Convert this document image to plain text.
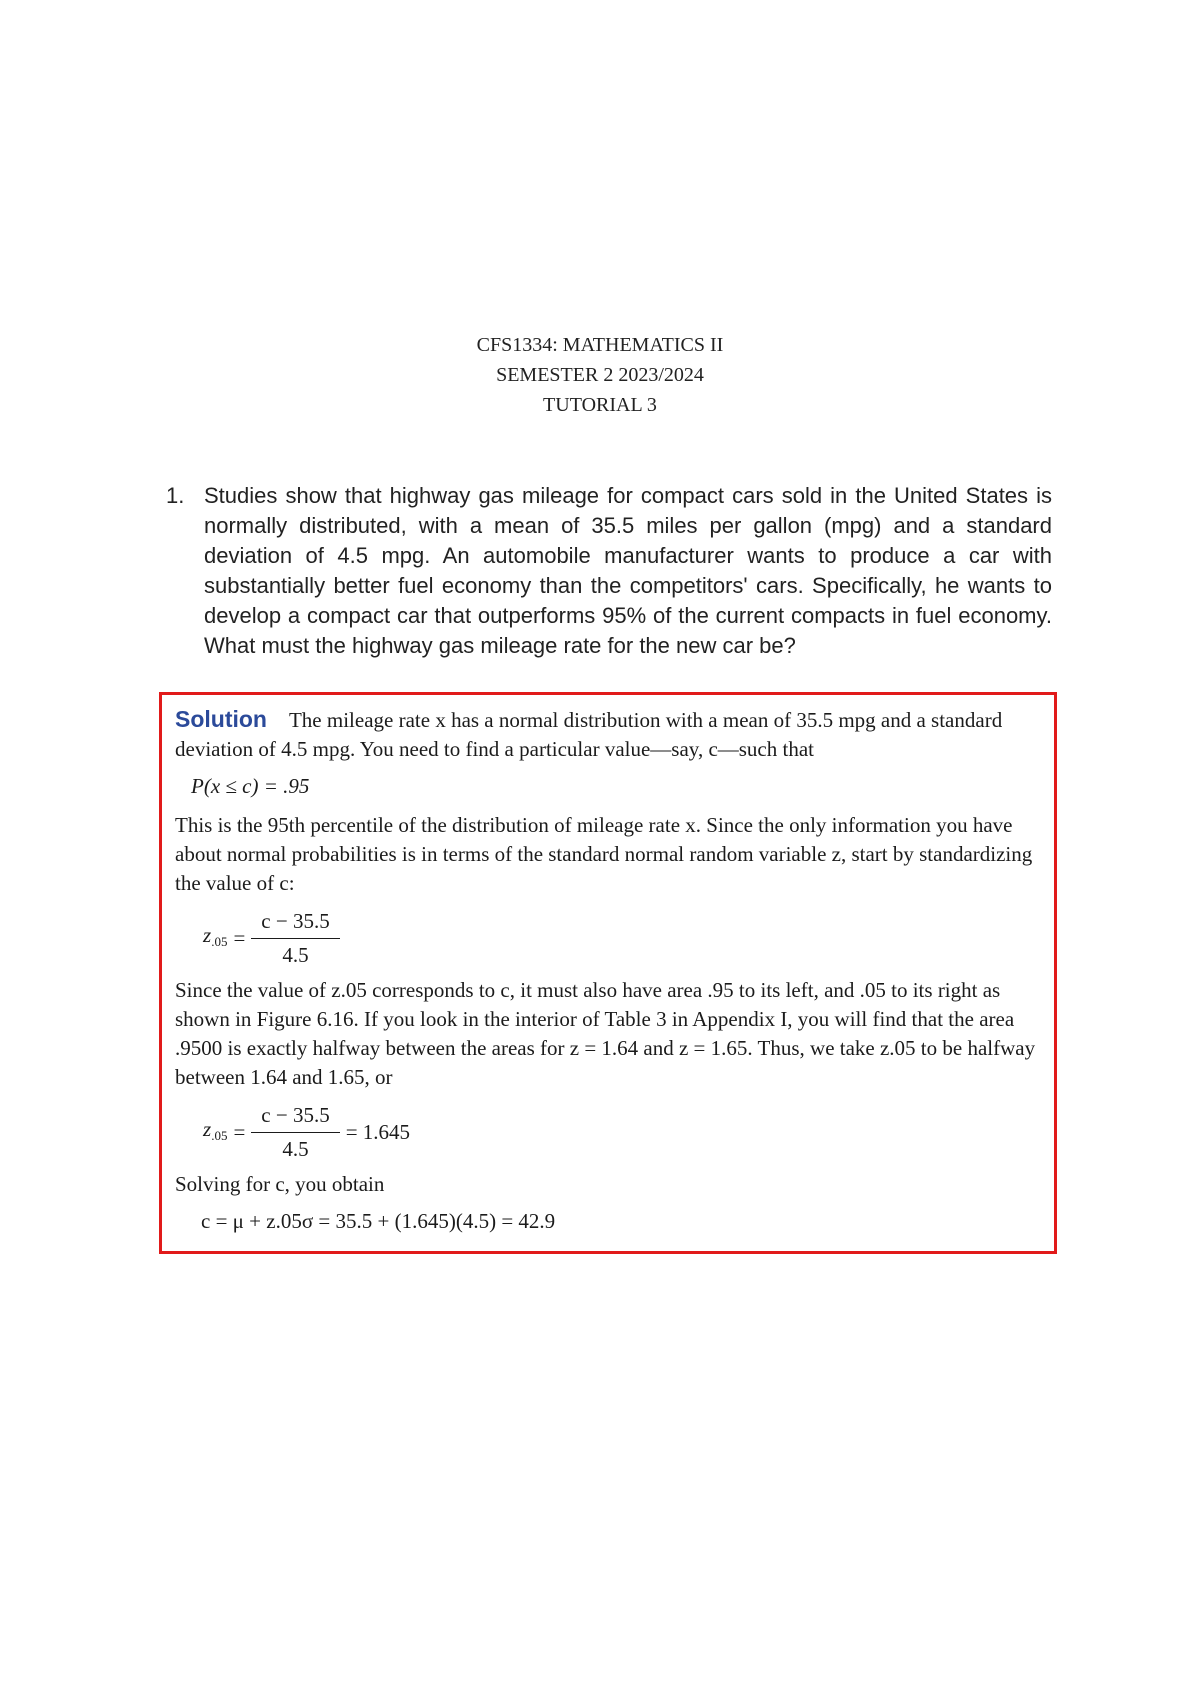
CFS1334: MATHEMATICS II
SEMESTER 2 2023/2024
TUTORIAL 3
1. Studies show that highway gas mileage for compact cars sold in the United States is normally distributed, with a mean of 35.5 miles per gallon (mpg) and a standard deviation of 4.5 mpg. An automobile manufacturer wants to produce a car with substantially better fuel economy than the competitors' cars. Specifically, he wants to develop a compact car that outperforms 95% of the current compacts in fuel economy. What must the highway gas mileage rate for the new car be?

Solution The mileage rate x has a normal distribution with a mean of 35.5 mpg and a standard deviation of 4.5 mpg. You need to find a particular value—say, c—such that

P(x ≤ c) = .95

This is the 95th percentile of the distribution of mileage rate x. Since the only information you have about normal probabilities is in terms of the standard normal random variable z, start by standardizing the value of c:

$z_{.05} = \frac{c - 35.5}{4.5}$

Since the value of z.05 corresponds to c, it must also have area .95 to its left, and .05 to its right as shown in Figure 6.16. If you look in the interior of Table 3 in Appendix I, you will find that the area .9500 is exactly halfway between the areas for z = 1.64 and z = 1.65. Thus, we take z.05 to be halfway between 1.64 and 1.65, or

$z_{.05} = \frac{c - 35.5}{4.5} = 1.645$

Solving for c, you obtain

c = μ + z.05σ = 35.5 + (1.645)(4.5) = 42.9
